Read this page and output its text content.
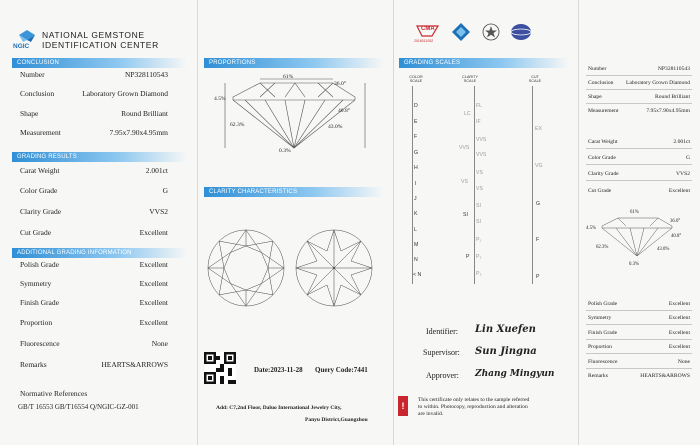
NGIC
NATIONAL GEMSTONE
IDENTIFICATION CENTER
CONCLUSION
Number	NP328110543
Conclusion	Laboratory Grown Diamond
Shape	Round Brilliant
Measurement	7.95x7.90x4.95mm
GRADING RESULTS
Carat Weight	2.001ct
Color Grade	G
Clarity Grade	VVS2
Cut Grade	Excellent
ADDITIONAL GRADING INFORMATION
Polish Grade	Excellent
Symmetry	Excellent
Finish Grade	Excellent
Proportion	Excellent
Fluorescence	None
Remarks	HEARTS&ARROWS
Normative References
GB/T 16553 GB/T16554 Q/NGIC-GZ-001
PROPORTIONS
61%
36.0°
4.5%
40.8°
43.0%
62.3%
0.3%
CLARITY CHARACTERISTICS
Date:2023-11-28 Query Code:7441
Add: C7,2nd Floor, Daluo International Jewelry City,
Panyu District,Guangzhou
CMA
2016011052
GRADING SCALES
COLOR SCALE
CLARITY SCALE
CUT SCALE
D
E
F
G
H
I
J
K
L
M
N
< N
FL
IF
VVS
VVS
VS
VS
SI
SI
P₁
P₂
P₃
LC
VVS
VS
SI
P
EX
VG
G
F
P
Identifier: Lin Xuefen
Supervisor: Sun Jingna
Approver: Zhang Mingyun
!
This certificate only relates to the sample referred
to within. Photocopy, reproduction and alteration
are invalid.
Number	NP328110543
Conclusion Laboratory Grown Diamond
Shape	Round Brilliant
Measurement	7.95x7.90x4.95mm
Carat Weight	2.001ct
Color Grade	G
Clarity Grade	VVS2
Cut Grade	Excellent
61%
36.0°
4.5%
40.8°
62.3%	43.0%
0.3%
Polish Grade	Excellent
Symmetry	Excellent
Finish Grade	Excellent
Proportion	Excellent
Fluorescence	None
Remarks	HEARTS&ARROWS
